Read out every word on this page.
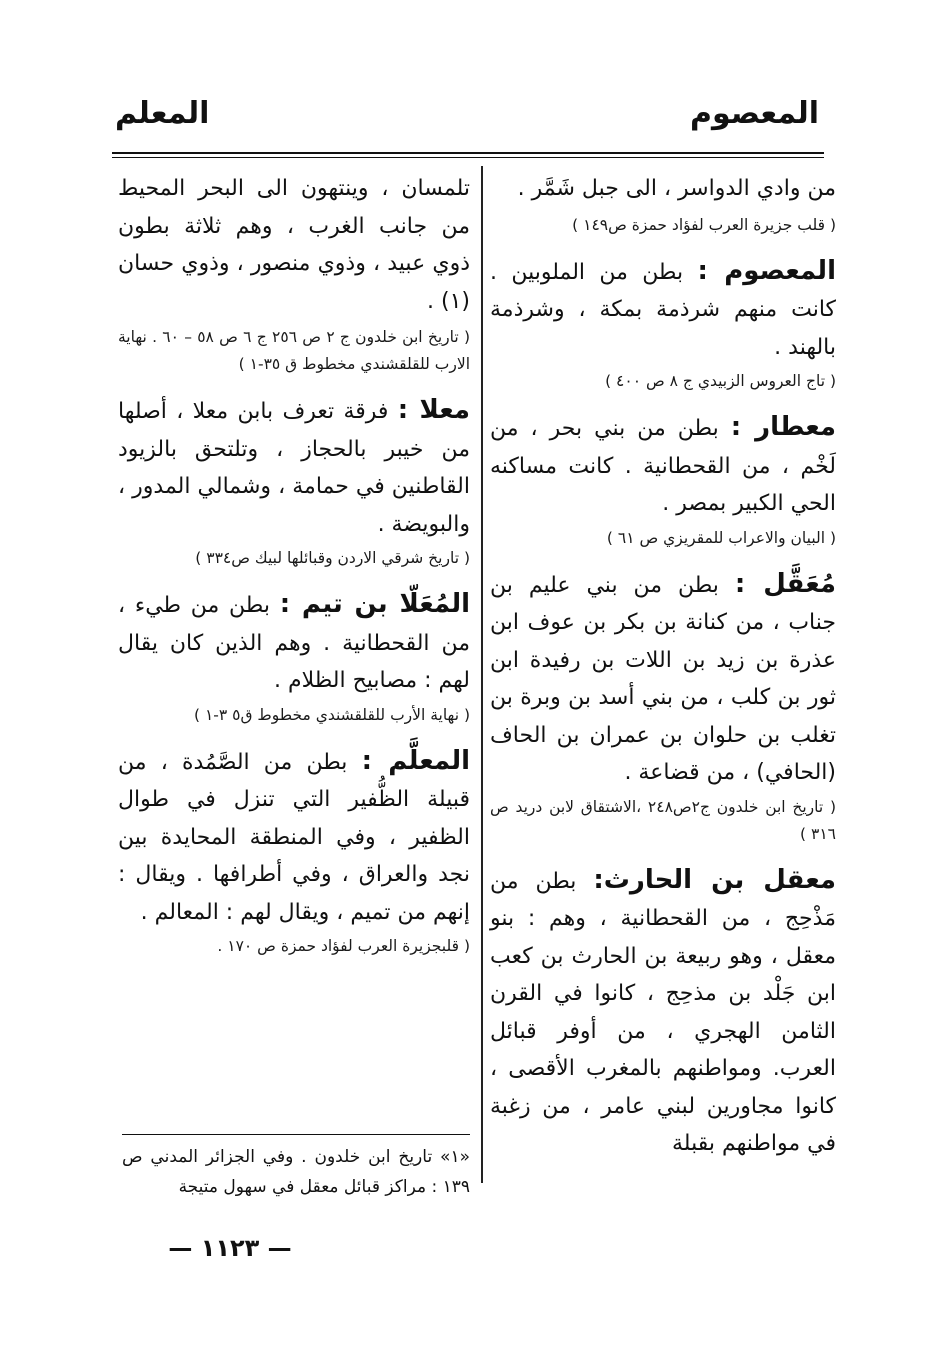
المعصوم
المعلم

من وادي الدواسر ، الى جبل شَمَّر .

( قلب جزيرة العرب لفؤاد حمزة ص١٤٩ )

المعصوم : بطن من الملوبين . كانت منهم شرذمة بمكة ، وشرذمة بالهند .

( تاج العروس الزبيدي ج ٨ ص ٤٠٠ )

معطار : بطن من بني بحر ، من لَخْم ، من القحطانية . كانت مساكنه الحي الكبير بمصر .

( البيان والاعراب للمقريزي ص ٦١ )

مُعَقَّل : بطن من بني عليم بن جناب ، من كنانة بن بكر بن عوف ابن عذرة بن زيد بن اللات بن رفيدة ابن ثور بن كلب ، من بني أسد بن وبرة بن تغلب بن حلوان بن عمران بن الحاف (الحافي) ، من قضاعة .

( تاريخ ابن خلدون ج٢ص٢٤٨ ،الاشتقاق لابن دريد ص ٣١٦ )

معقل بن الحارث: بطن من مَذْحِج ، من القحطانية ، وهم : بنو معقل ، وهو ربيعة بن الحارث بن كعب ابن جَلْد بن مذحِج ، كانوا في القرن الثامن الهجري ، من أوفر قبائل العرب. ومواطنهم بالمغرب الأقصى ، كانوا مجاورين لبني عامر ، من زغبة في مواطنهم بقبلة

تلمسان ، وينتهون الى البحر المحيط من جانب الغرب ، وهم ثلاثة بطون ذوي عبيد ، وذوي منصور ، وذوي حسان (١) .

( تاريخ ابن خلدون ج ٢ ص ٢٥٦ ج ٦ ص ٥٨ – ٦٠ . نهاية الارب للقلقشندي مخطوط ق ٣٥-١ )

معلا : فرقة تعرف بابن معلا ، أصلها من خيبر بالحجاز ، وتلتحق بالزيود القاطنين في حمامة ، وشمالي المدور ، والبويضة .

( تاريخ شرقي الاردن وقبائلها لبيك ص٣٣٤ )

المُعَلّا بن تيم : بطن من طيء ، من القحطانية . وهم الذين كان يقال لهم : مصابيح الظلام .

( نهاية الأرب للقلقشندي مخطوط ق٥ ٣-١ )

المعلَّم : بطن من الصَّمُدة ، من قبيلة الظُّفير التي تنزل في طوال الظفير ، وفي المنطقة المحايدة بين نجد والعراق ، وفي أطرافها . ويقال : إنهم من تميم ، ويقال لهم : المعالم .

( قلبجزيرة العرب لفؤاد حمزة ص ١٧٠ .
«١» تاريخ ابن خلدون . وفي الجزائر المدني ص ١٣٩ : مراكز قبائل معقل في سهول متيجة
— ١١٢٣ —
